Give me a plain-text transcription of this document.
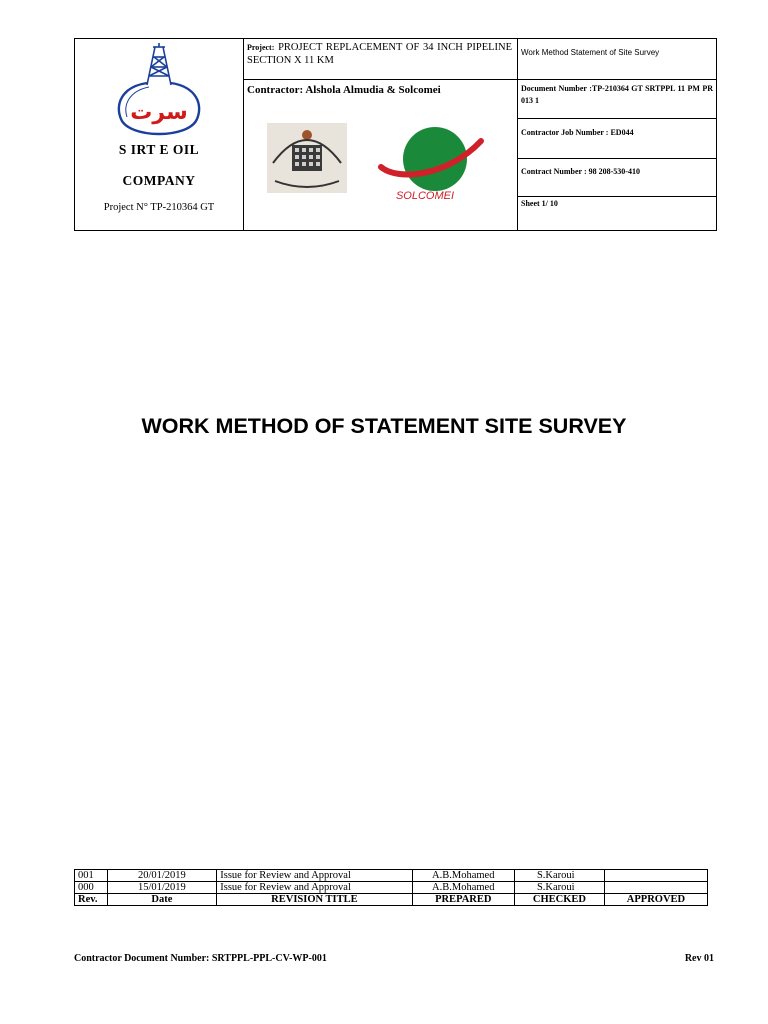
سرت
S IRT E OIL
COMPANY
Project N° TP-210364 GT
Project: PROJECT REPLACEMENT OF 34 INCH PIPELINE SECTION X 11 KM
Contractor: Alshola Almudia & Solcomei
SOLCOMEI
Work Method Statement of Site Survey
Document Number :TP-210364 GT SRTPPL 11 PM PR 013 1
Contractor Job Number : ED044
Contract Number : 98 208-530-410
Sheet 1/ 10
WORK METHOD OF STATEMENT SITE SURVEY
001	20/01/2019	Issue for Review and Approval	A.B.Mohamed	S.Karoui	
000	15/01/2019	Issue for Review and Approval	A.B.Mohamed	S.Karoui	
Rev.	Date	REVISION TITLE	PREPARED	CHECKED	APPROVED
Contractor Document Number: SRTPPL-PPL-CV-WP-001	Rev 01
